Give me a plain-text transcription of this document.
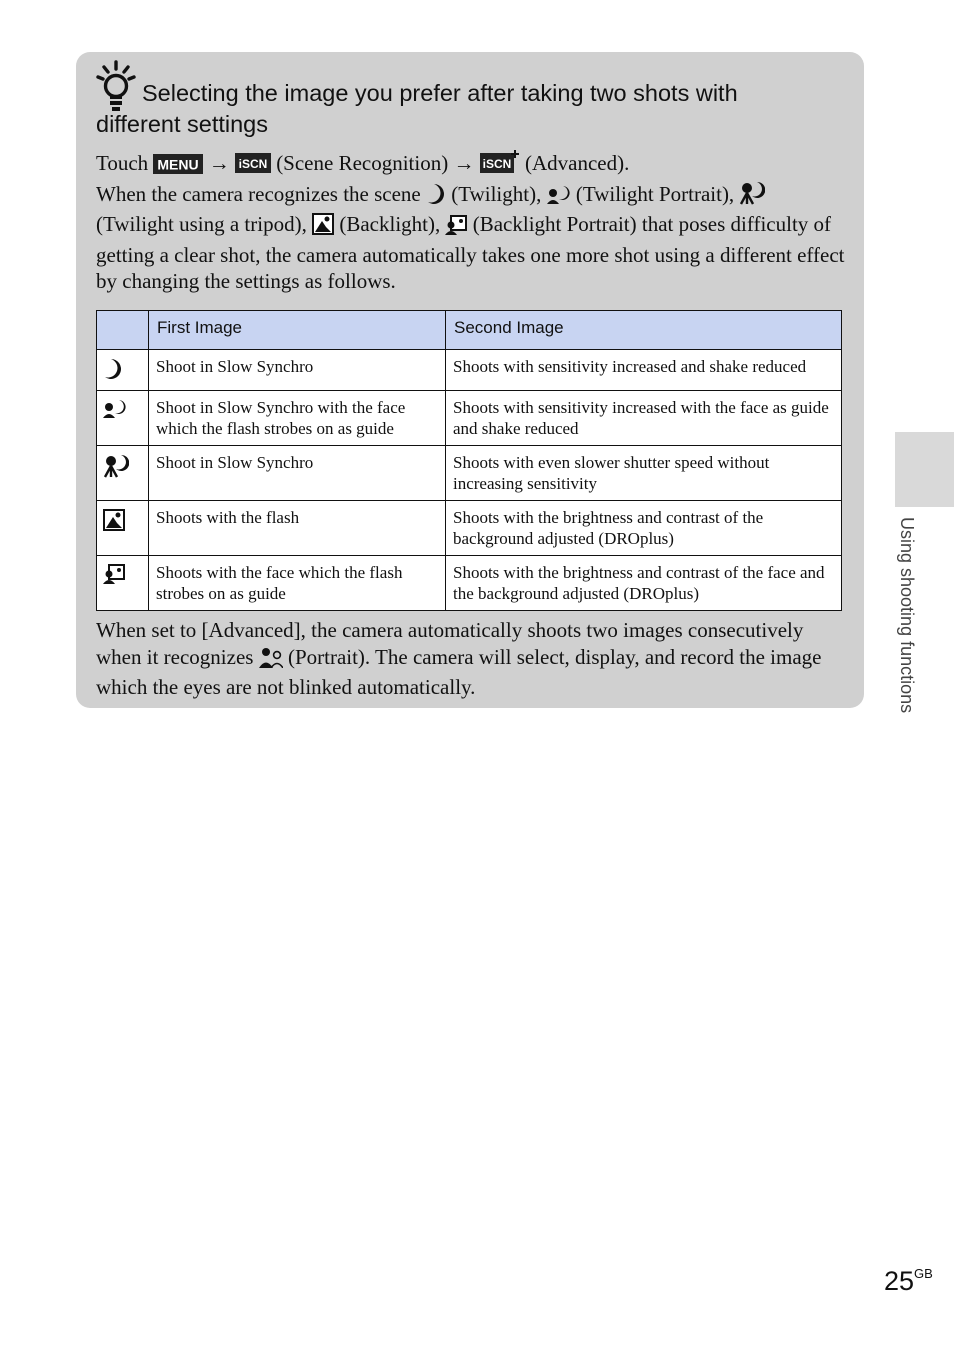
Selecting the image you prefer after taking two shots with different settings
Touch MENU → iSCN (Scene Recognition) → iSCN (Advanced).
When the camera recognizes the scene (Twilight), (Twilight Portrait),
(Twilight using a tripod), (Backlight), (Backlight Portrait) that poses difficulty of getting a clear shot, the camera automatically takes one more shot using a different effect by changing the settings as follows.
	First Image	Second Image
	Shoot in Slow Synchro	Shoots with sensitivity increased and shake reduced
	Shoot in Slow Synchro with the face which the flash strobes on as guide	Shoots with sensitivity increased with the face as guide and shake reduced
	Shoot in Slow Synchro	Shoots with even slower shutter speed without increasing sensitivity
	Shoots with the flash	Shoots with the brightness and contrast of the background adjusted (DROplus)
	Shoots with the face which the flash strobes on as guide	Shoots with the brightness and contrast of the face and the background adjusted (DROplus)
When set to [Advanced], the camera automatically shoots two images consecutively when it recognizes (Portrait). The camera will select, display, and record the image which the eyes are not blinked automatically.	Using shooting functions
$25^{GB}$
